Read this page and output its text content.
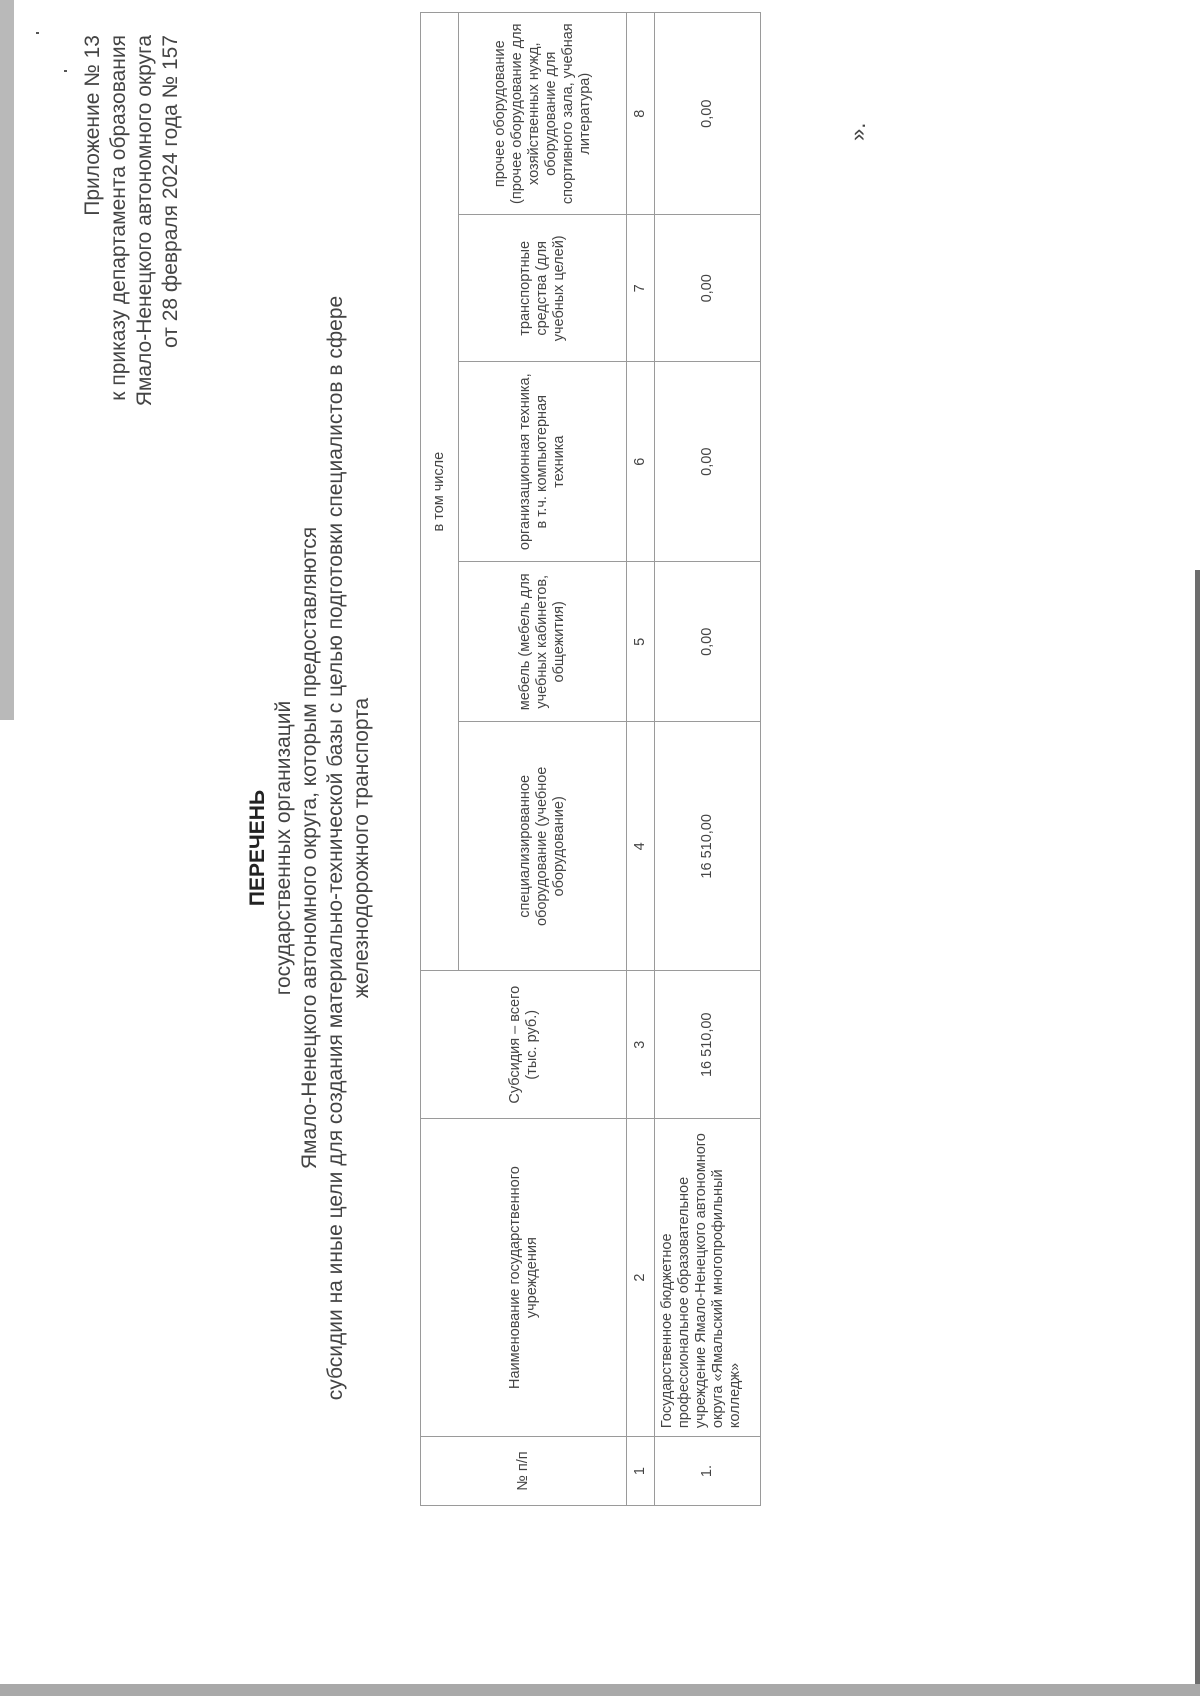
Приложение № 13 к приказу департамента образования Ямало-Ненецкого автономного округа от 28 февраля 2024 года № 157
ПЕРЕЧЕНЬ государственных организаций Ямало-Ненецкого автономного округа, которым предоставляются субсидии на иные цели для создания материально-технической базы с целью подготовки специалистов в сфере железнодорожного транспорта
№ п/п	Наименование государственного учреждения	Субсидия – всего (тыс. руб.)	в том числе				
			специализированное оборудование (учебное оборудование)	мебель (мебель для учебных кабинетов, общежития)	организационная техника, в т.ч. компьютерная техника	транспортные средства (для учебных целей)	прочее оборудование (прочее оборудование для хозяйственных нужд, оборудование для спортивного зала, учебная литература)
1	2	3	4	5	6	7	8
1.	Государственное бюджетное профессиональное образовательное учреждение Ямало-Ненецкого автономного округа «Ямальский многопрофильный колледж»	16 510,00	16 510,00	0,00	0,00	0,00	0,00
».
